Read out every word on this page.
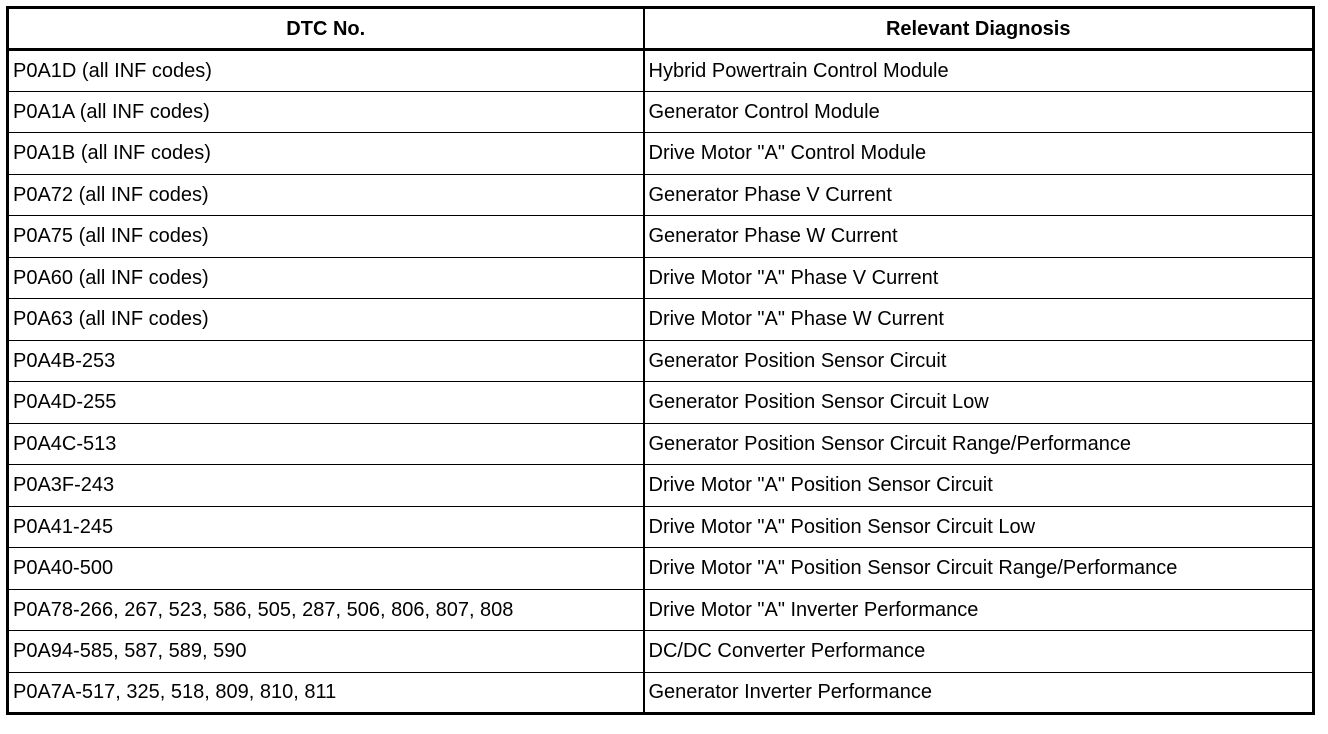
DTC No.	Relevant Diagnosis
P0A1D (all INF codes)	Hybrid Powertrain Control Module
P0A1A (all INF codes)	Generator Control Module
P0A1B (all INF codes)	Drive Motor "A" Control Module
P0A72 (all INF codes)	Generator Phase V Current
P0A75 (all INF codes)	Generator Phase W Current
P0A60 (all INF codes)	Drive Motor "A" Phase V Current
P0A63 (all INF codes)	Drive Motor "A" Phase W Current
P0A4B-253	Generator Position Sensor Circuit
P0A4D-255	Generator Position Sensor Circuit Low
P0A4C-513	Generator Position Sensor Circuit Range/Performance
P0A3F-243	Drive Motor "A" Position Sensor Circuit
P0A41-245	Drive Motor "A" Position Sensor Circuit Low
P0A40-500	Drive Motor "A" Position Sensor Circuit Range/Performance
P0A78-266, 267, 523, 586, 505, 287, 506, 806, 807, 808	Drive Motor "A" Inverter Performance
P0A94-585, 587, 589, 590	DC/DC Converter Performance
P0A7A-517, 325, 518, 809, 810, 811	Generator Inverter Performance
